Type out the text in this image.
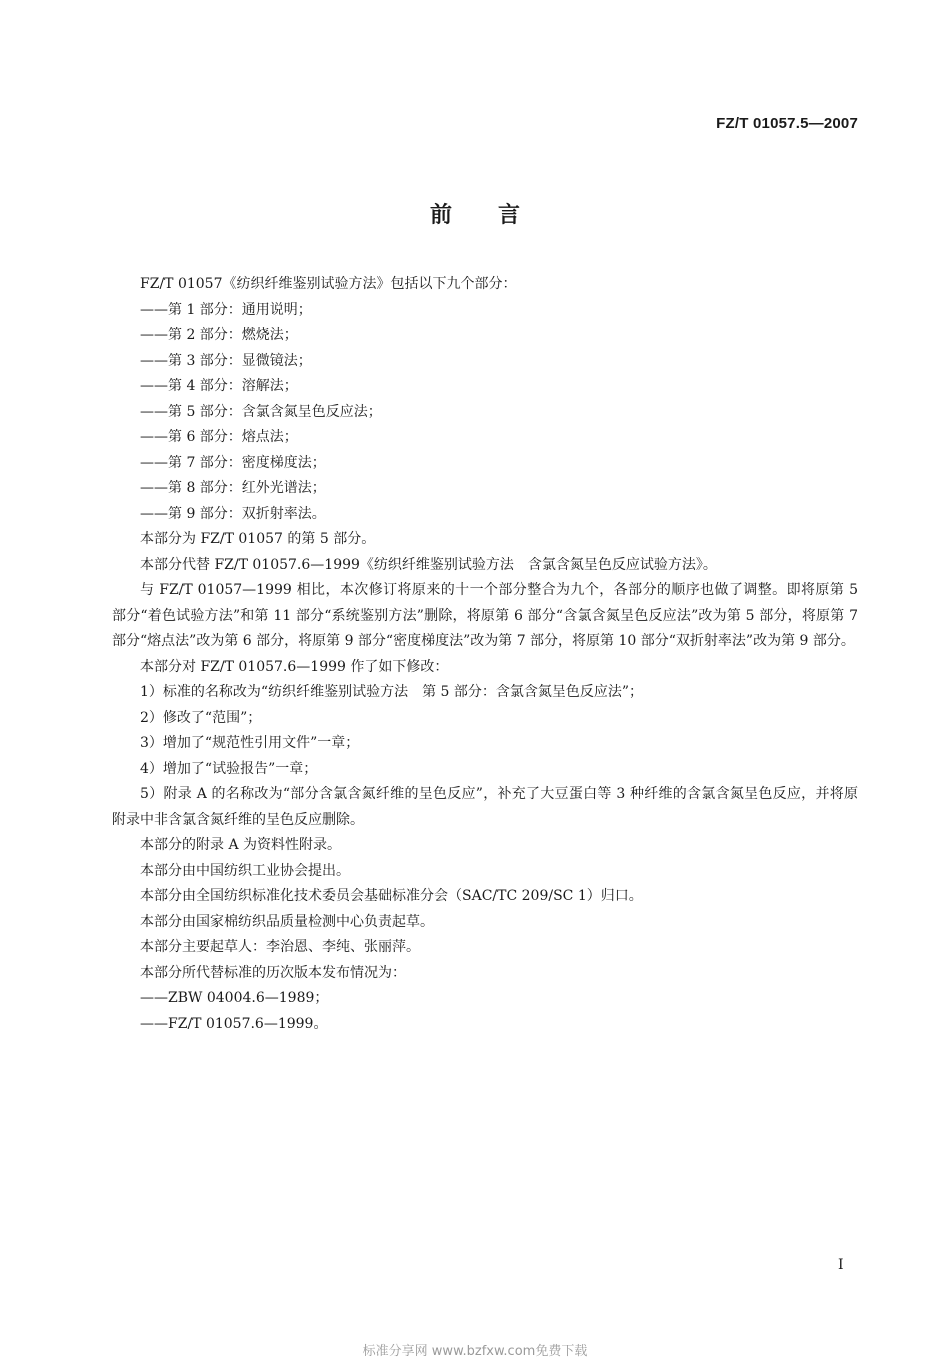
FZ/T 01057.5—2007
前言

FZ/T 01057《纺织纤维鉴别试验方法》包括以下九个部分：

——第 1 部分：通用说明；

——第 2 部分：燃烧法；

——第 3 部分：显微镜法；

——第 4 部分：溶解法；

——第 5 部分：含氯含氮呈色反应法；

——第 6 部分：熔点法；

——第 7 部分：密度梯度法；

——第 8 部分：红外光谱法；

——第 9 部分：双折射率法。

本部分为 FZ/T 01057 的第 5 部分。

本部分代替 FZ/T 01057.6—1999《纺织纤维鉴别试验方法　含氯含氮呈色反应试验方法》。

与 FZ/T 01057—1999 相比，本次修订将原来的十一个部分整合为九个，各部分的顺序也做了调整。即将原第 5 部分“着色试验方法”和第 11 部分“系统鉴别方法”删除，将原第 6 部分“含氯含氮呈色反应法”改为第 5 部分，将原第 7 部分“熔点法”改为第 6 部分，将原第 9 部分“密度梯度法”改为第 7 部分，将原第 10 部分“双折射率法”改为第 9 部分。

本部分对 FZ/T 01057.6—1999 作了如下修改：

1）标准的名称改为“纺织纤维鉴别试验方法　第 5 部分：含氯含氮呈色反应法”；

2）修改了“范围”；

3）增加了“规范性引用文件”一章；

4）增加了“试验报告”一章；

5）附录 A 的名称改为“部分含氯含氮纤维的呈色反应”，补充了大豆蛋白等 3 种纤维的含氯含氮呈色反应，并将原附录中非含氯含氮纤维的呈色反应删除。

本部分的附录 A 为资料性附录。

本部分由中国纺织工业协会提出。

本部分由全国纺织标准化技术委员会基础标准分会（SAC/TC 209/SC 1）归口。

本部分由国家棉纺织品质量检测中心负责起草。

本部分主要起草人：李治恩、李纯、张丽萍。

本部分所代替标准的历次版本发布情况为：

——ZBW 04004.6—1989；

——FZ/T 01057.6—1999。

I
标准分享网 www.bzfxw.com免费下载
